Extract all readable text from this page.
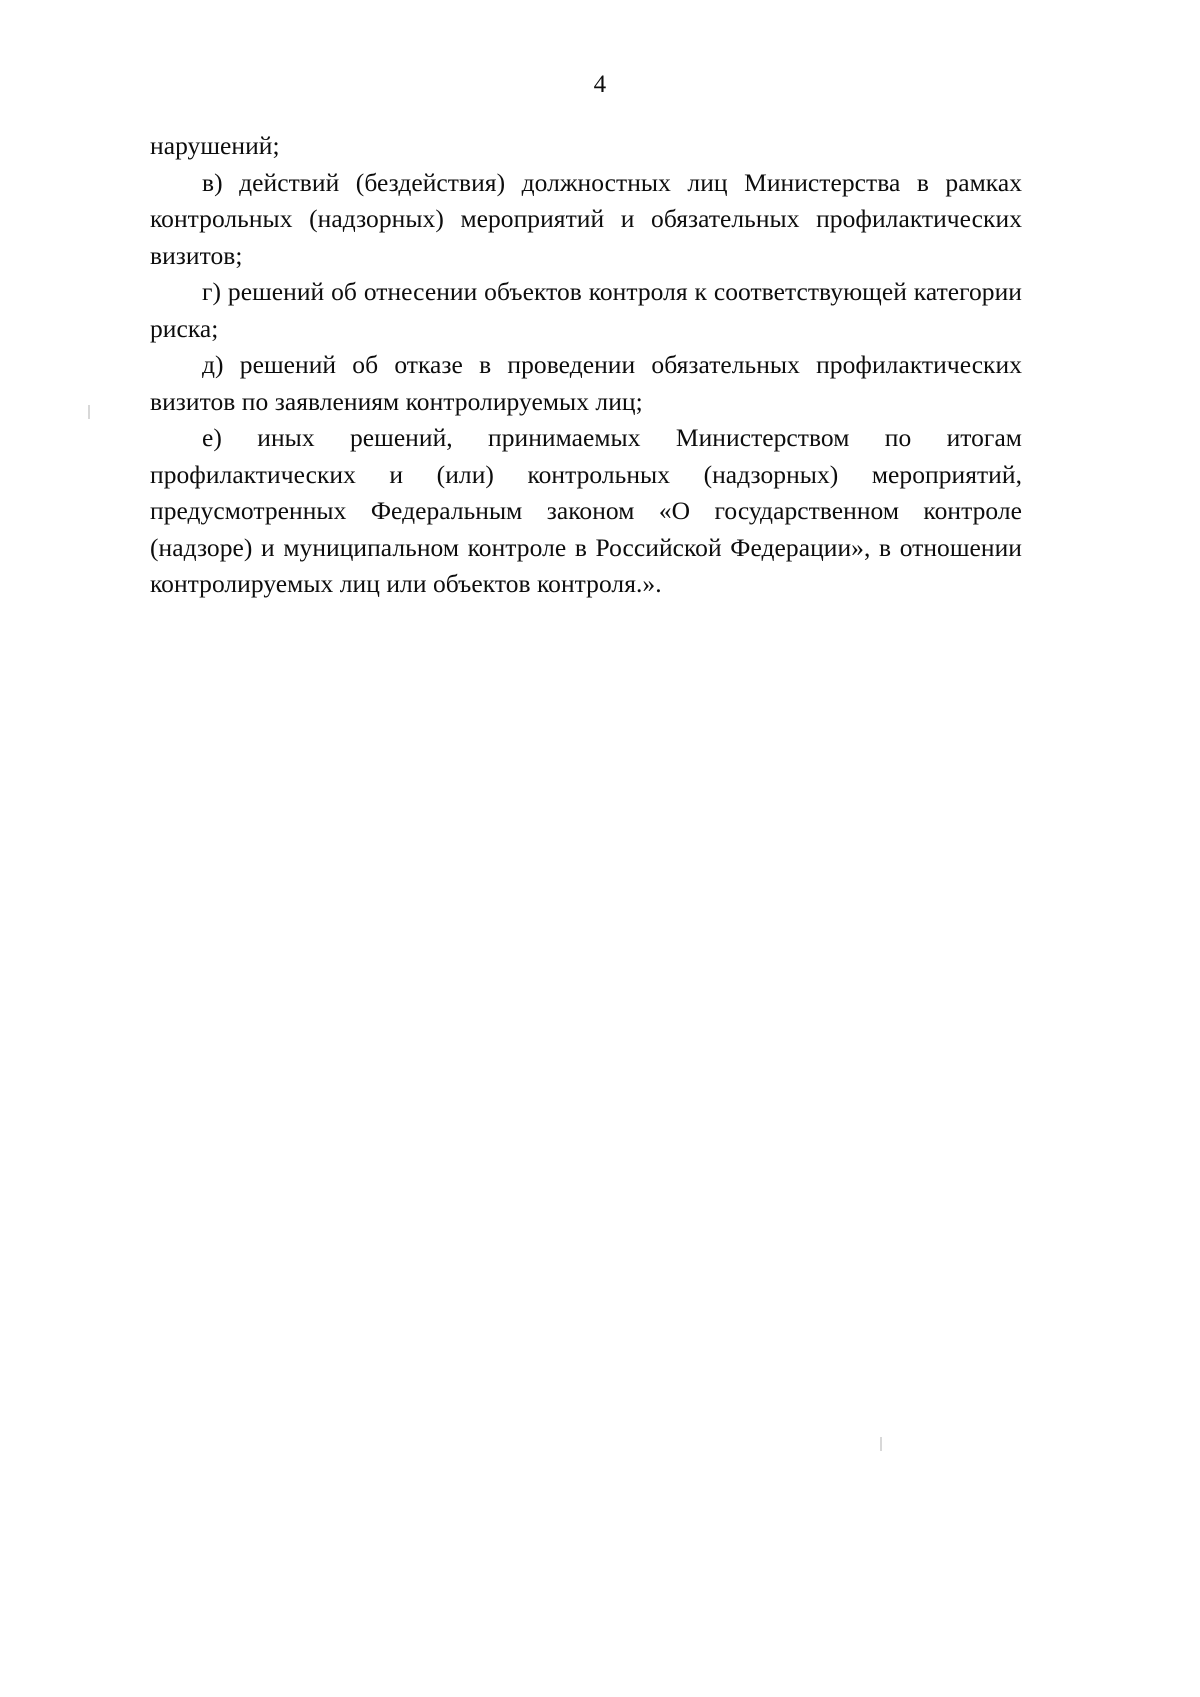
4

нарушений;

в) действий (бездействия) должностных лиц Министерства в рамках контрольных (надзорных) мероприятий и обязательных профилактических визитов;

г) решений об отнесении объектов контроля к соответствующей категории риска;

д) решений об отказе в проведении обязательных профилактических визитов по заявлениям контролируемых лиц;

е) иных решений, принимаемых Министерством по итогам профилактических и (или) контрольных (надзорных) мероприятий, предусмотренных Федеральным законом «О государственном контроле (надзоре) и муниципальном контроле в Российской Федерации», в отношении контролируемых лиц или объектов контроля.».
